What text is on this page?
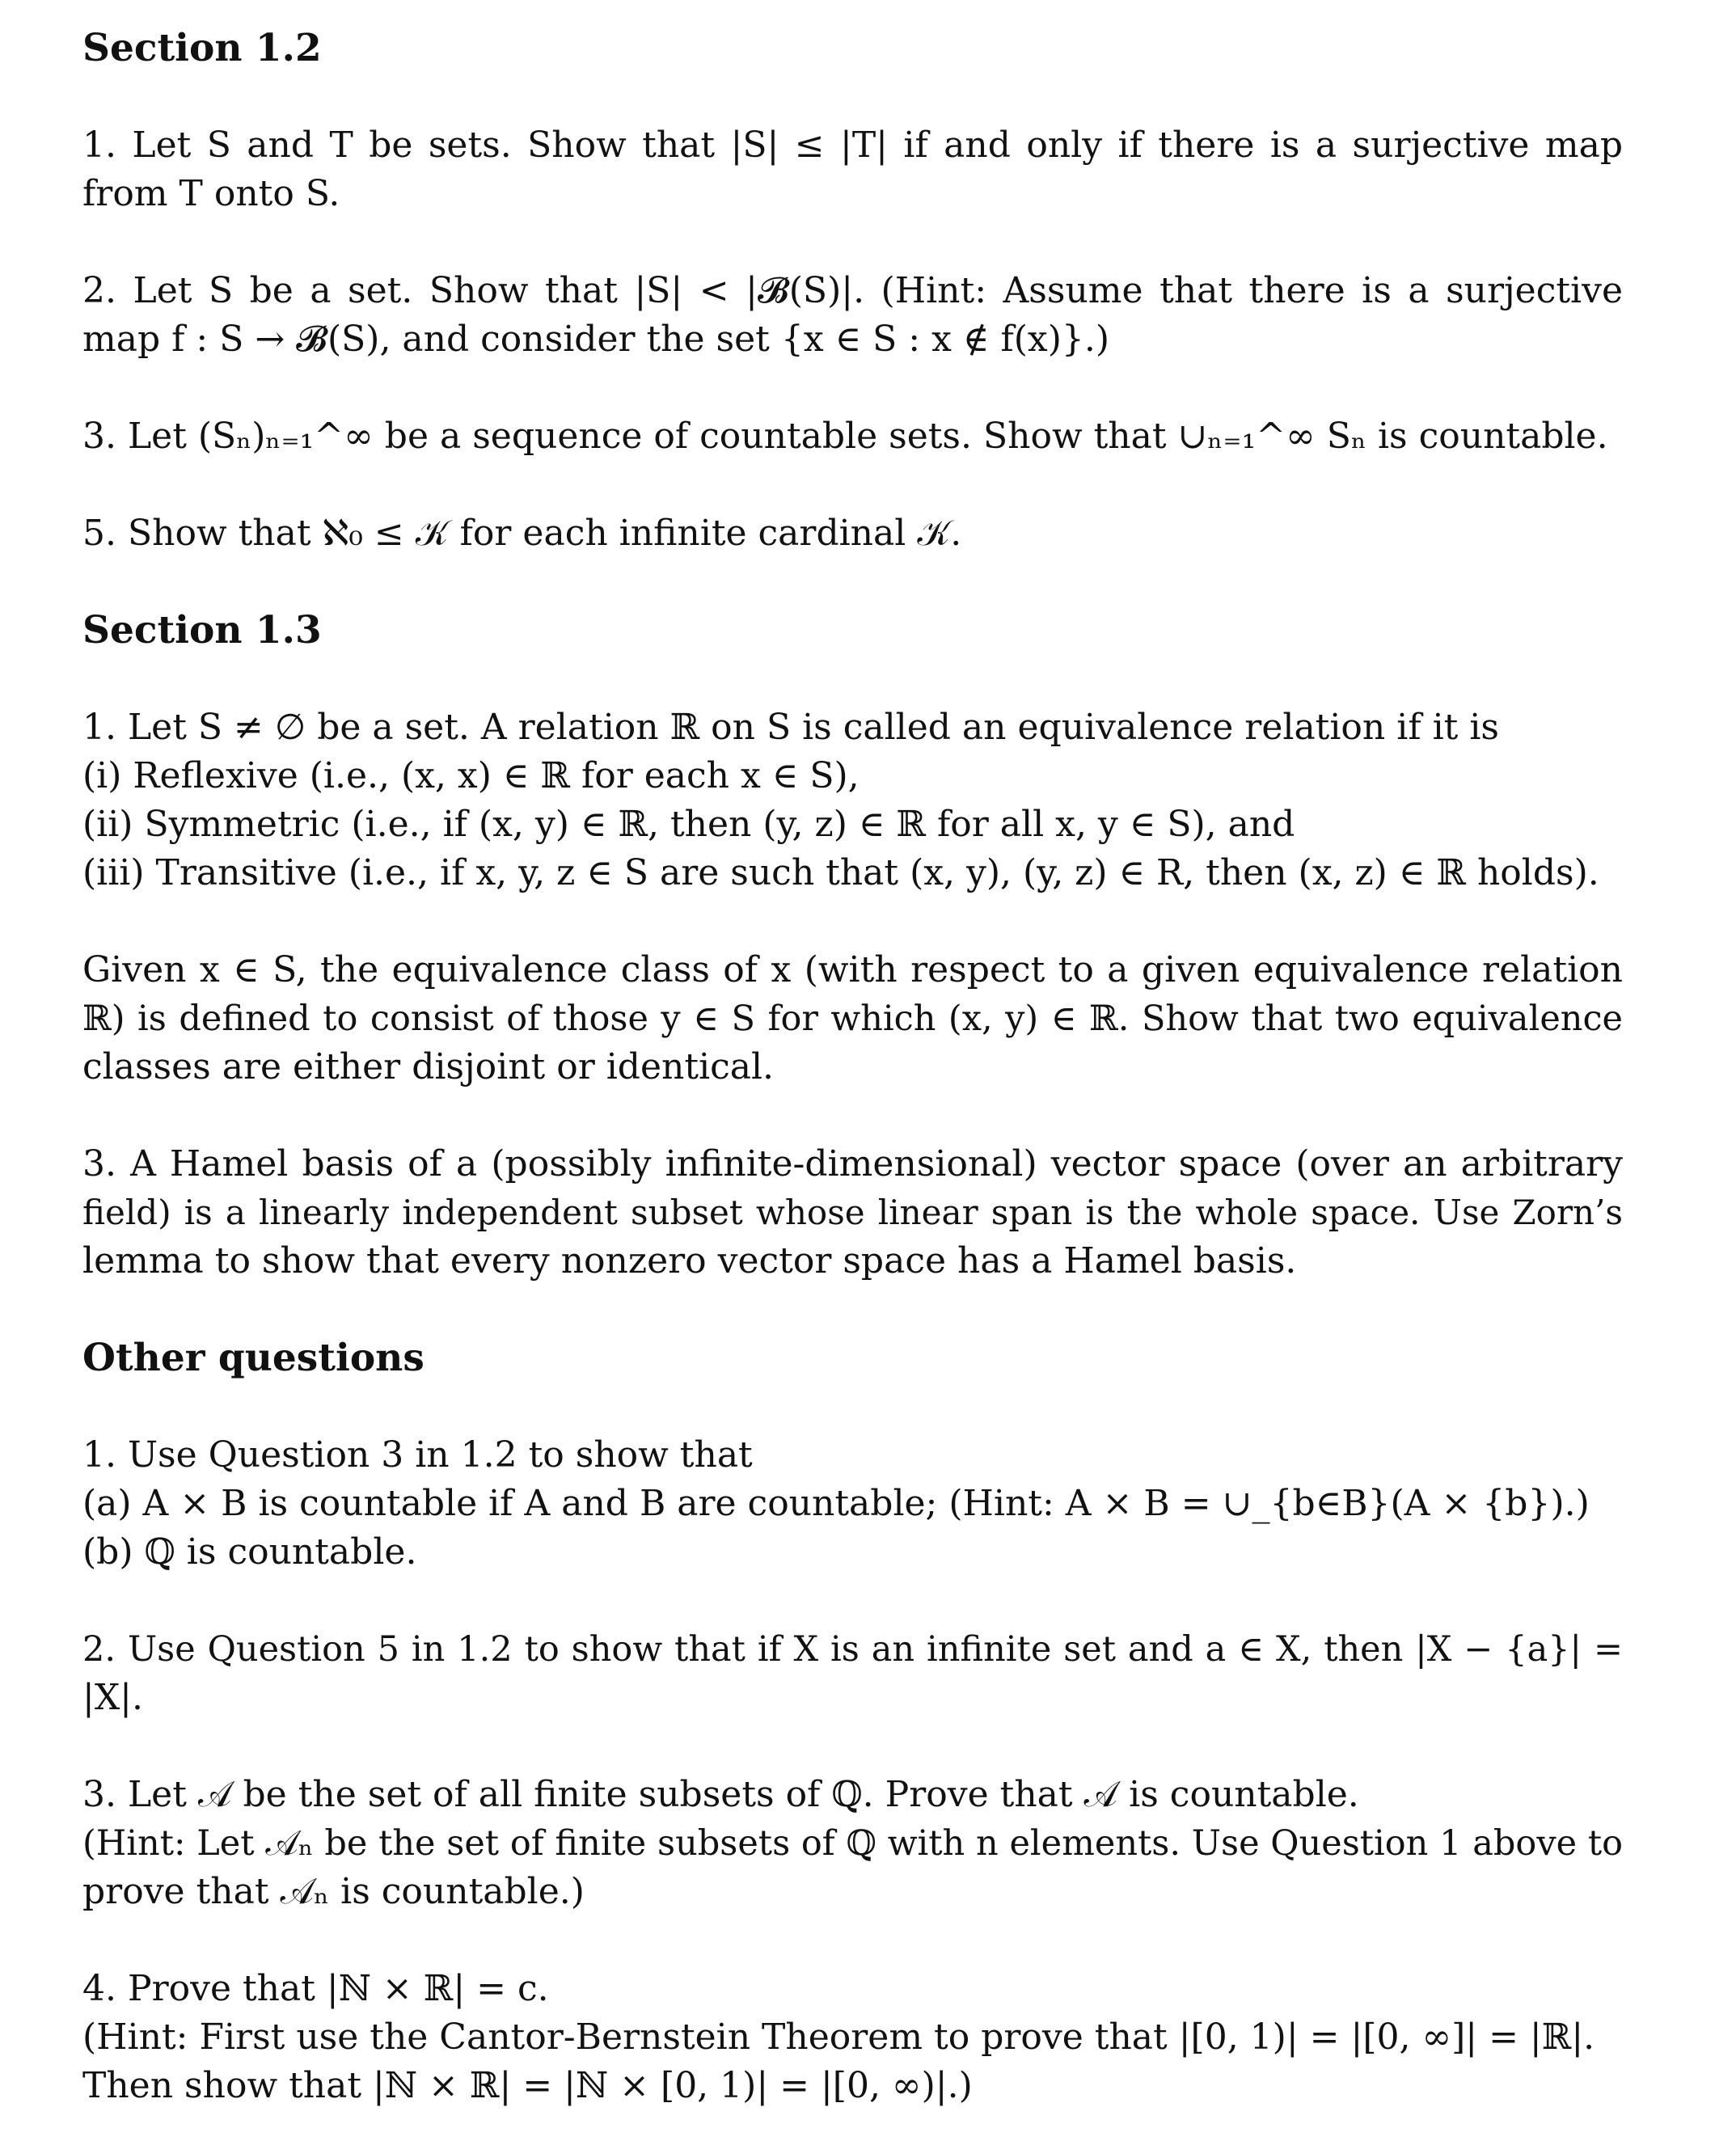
Section 1.2

1. Let S and T be sets. Show that |S| ≤ |T| if and only if there is a surjective map
from T onto S.

2. Let S be a set. Show that |S| < |𝓑(S)|. (Hint: Assume that there is a surjective
map f : S → 𝓑(S), and consider the set {x ∈ S : x ∉ f(x)}.)

3. Let (Sₙ)ₙ₌₁^∞ be a sequence of countable sets. Show that ∪ₙ₌₁^∞ Sₙ is countable.

5. Show that ℵ₀ ≤ 𝒦 for each infinite cardinal 𝒦.

Section 1.3

1. Let S ≠ ∅ be a set. A relation ℝ on S is called an equivalence relation if it is
(i) Reflexive (i.e., (x, x) ∈ ℝ for each x ∈ S),
(ii) Symmetric (i.e., if (x, y) ∈ ℝ, then (y, z) ∈ ℝ for all x, y ∈ S), and
(iii) Transitive (i.e., if x, y, z ∈ S are such that (x, y), (y, z) ∈ R, then (x, z) ∈ ℝ holds).

Given x ∈ S, the equivalence class of x (with respect to a given equivalence relation
ℝ) is defined to consist of those y ∈ S for which (x, y) ∈ ℝ. Show that two equivalence
classes are either disjoint or identical.

3. A Hamel basis of a (possibly infinite-dimensional) vector space (over an arbitrary
field) is a linearly independent subset whose linear span is the whole space. Use Zorn’s
lemma to show that every nonzero vector space has a Hamel basis.

Other questions

1. Use Question 3 in 1.2 to show that
(a) A × B is countable if A and B are countable; (Hint: A × B = ∪_{b∈B}(A × {b}).)
(b) ℚ is countable.

2. Use Question 5 in 1.2 to show that if X is an infinite set and a ∈ X, then |X − {a}| =
|X|.

3. Let 𝒜 be the set of all finite subsets of ℚ. Prove that 𝒜 is countable.
(Hint: Let 𝒜ₙ be the set of finite subsets of ℚ with n elements. Use Question 1 above to
prove that 𝒜ₙ is countable.)

4. Prove that |ℕ × ℝ| = c.
(Hint: First use the Cantor-Bernstein Theorem to prove that |[0, 1)| = |[0, ∞]| = |ℝ|.
Then show that |ℕ × ℝ| = |ℕ × [0, 1)| = |[0, ∞)|.)
